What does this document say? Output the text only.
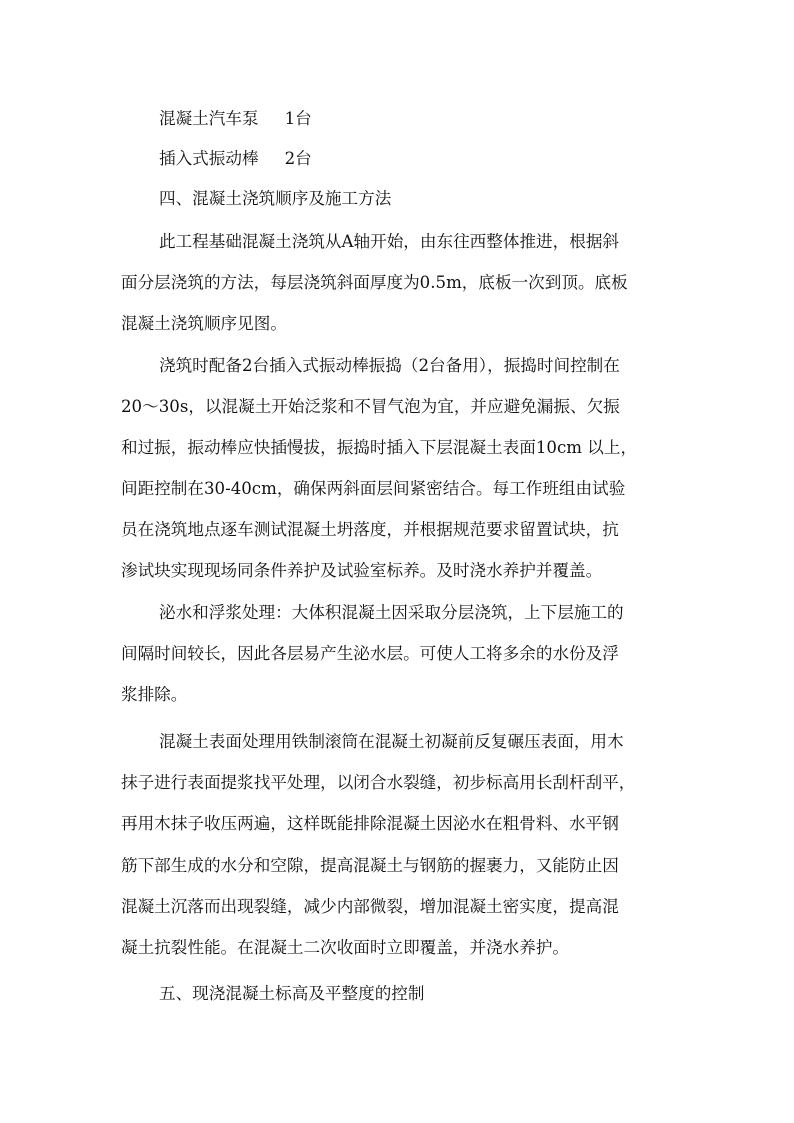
混凝土汽车泵 1台
插入式振动棒 2台
四、混凝土浇筑顺序及施工方法
此工程基础混凝土浇筑从A轴开始，由东往西整体推进，根据斜
面分层浇筑的方法，每层浇筑斜面厚度为0.5m，底板一次到顶。底板
混凝土浇筑顺序见图。
浇筑时配备2台插入式振动棒振捣（2台备用），振捣时间控制在
20～30s，以混凝土开始泛浆和不冒气泡为宜，并应避免漏振、欠振
和过振，振动棒应快插慢拔，振捣时插入下层混凝土表面10cm 以上，
间距控制在30-40cm，确保两斜面层间紧密结合。每工作班组由试验
员在浇筑地点逐车测试混凝土坍落度，并根据规范要求留置试块，抗
渗试块实现现场同条件养护及试验室标养。及时浇水养护并覆盖。
泌水和浮浆处理：大体积混凝土因采取分层浇筑，上下层施工的
间隔时间较长，因此各层易产生泌水层。可使人工将多余的水份及浮
浆排除。
混凝土表面处理用铁制滚筒在混凝土初凝前反复碾压表面，用木
抹子进行表面提浆找平处理，以闭合水裂缝，初步标高用长刮杆刮平，
再用木抹子收压两遍，这样既能排除混凝土因泌水在粗骨料、水平钢
筋下部生成的水分和空隙，提高混凝土与钢筋的握裹力，又能防止因
混凝土沉落而出现裂缝，减少内部微裂，增加混凝土密实度，提高混
凝土抗裂性能。在混凝土二次收面时立即覆盖，并浇水养护。
五、现浇混凝土标高及平整度的控制
